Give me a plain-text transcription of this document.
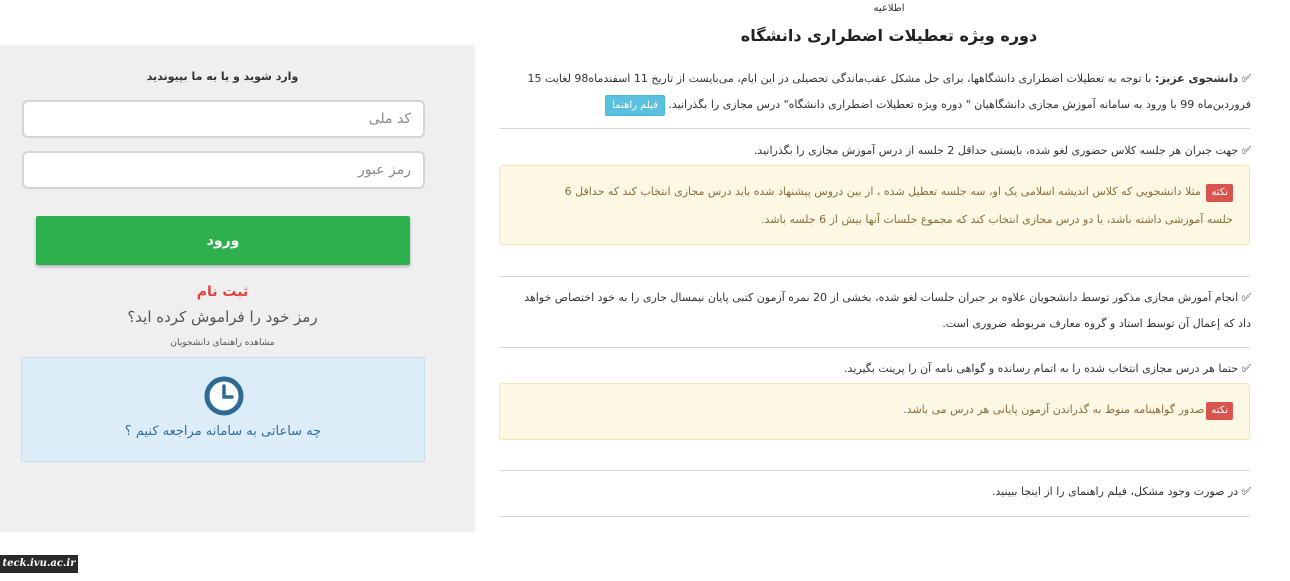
وارد شوید و یا به ما بپیوندید
کد ملی
ورود
ثبت نام
رمز خود را فراموش کرده اید؟
مشاهده راهنمای دانشجویان
چه ساعاتی به سامانه مراجعه کنیم ؟
اطلاعیه
دوره ویژه تعطیلات اضطراری دانشگاه
✅︎ دانشجوی عزیز: با توجه به تعطیلات اضطراری دانشگاهها، برای حل مشکل عقب‌ماندگی تحصیلی در این ایام، می‌بایست از تاریخ 11 اسفندماه98 لغایت 15
فروردین‌ماه 99 با ورود به سامانه آموزش مجازی دانشگاهیان " دوره ویژه تعطیلات اضطراری دانشگاه" درس مجازی را بگذرانید. فیلم راهنما
✅︎ جهت جبران هر جلسه کلاس حضوری لغو شده، بایستی حداقل 2 جلسه از درس آموزش مجازی را بگذرانید.
نکته مثلا دانشجویی که کلاس اندیشه اسلامی یک او، سه جلسه تعطیل شده ، از بین دروس پیشنهاد شده باید درس مجازی انتخاب کند که حداقل 6
جلسه آموزشی داشته باشد، یا دو درس مجازی انتخاب کند که مجموع جلسات آنها بیش از 6 جلسه باشد.
✅︎ انجام آموزش مجازی مذکور توسط دانشجویان علاوه بر جبران جلسات لغو شده، بخشی از 20 نمره آزمون کتبی پایان نیمسال جاری را به خود اختصاص خواهد
داد که إعمال آن توسط استاد و گروه معارف مربوطه ضروری است.
✅︎ حتما هر درس مجازی انتخاب شده را به اتمام رسانده و گواهی نامه آن را پرینت بگیرید.
نکتهصدور گواهینامه منوط به گذراندن آزمون پایانی هر درس می باشد.
✅︎ در صورت وجود مشکل، فیلم راهنمای را از اینجا ببینید.
teck.ivu.ac.ir
